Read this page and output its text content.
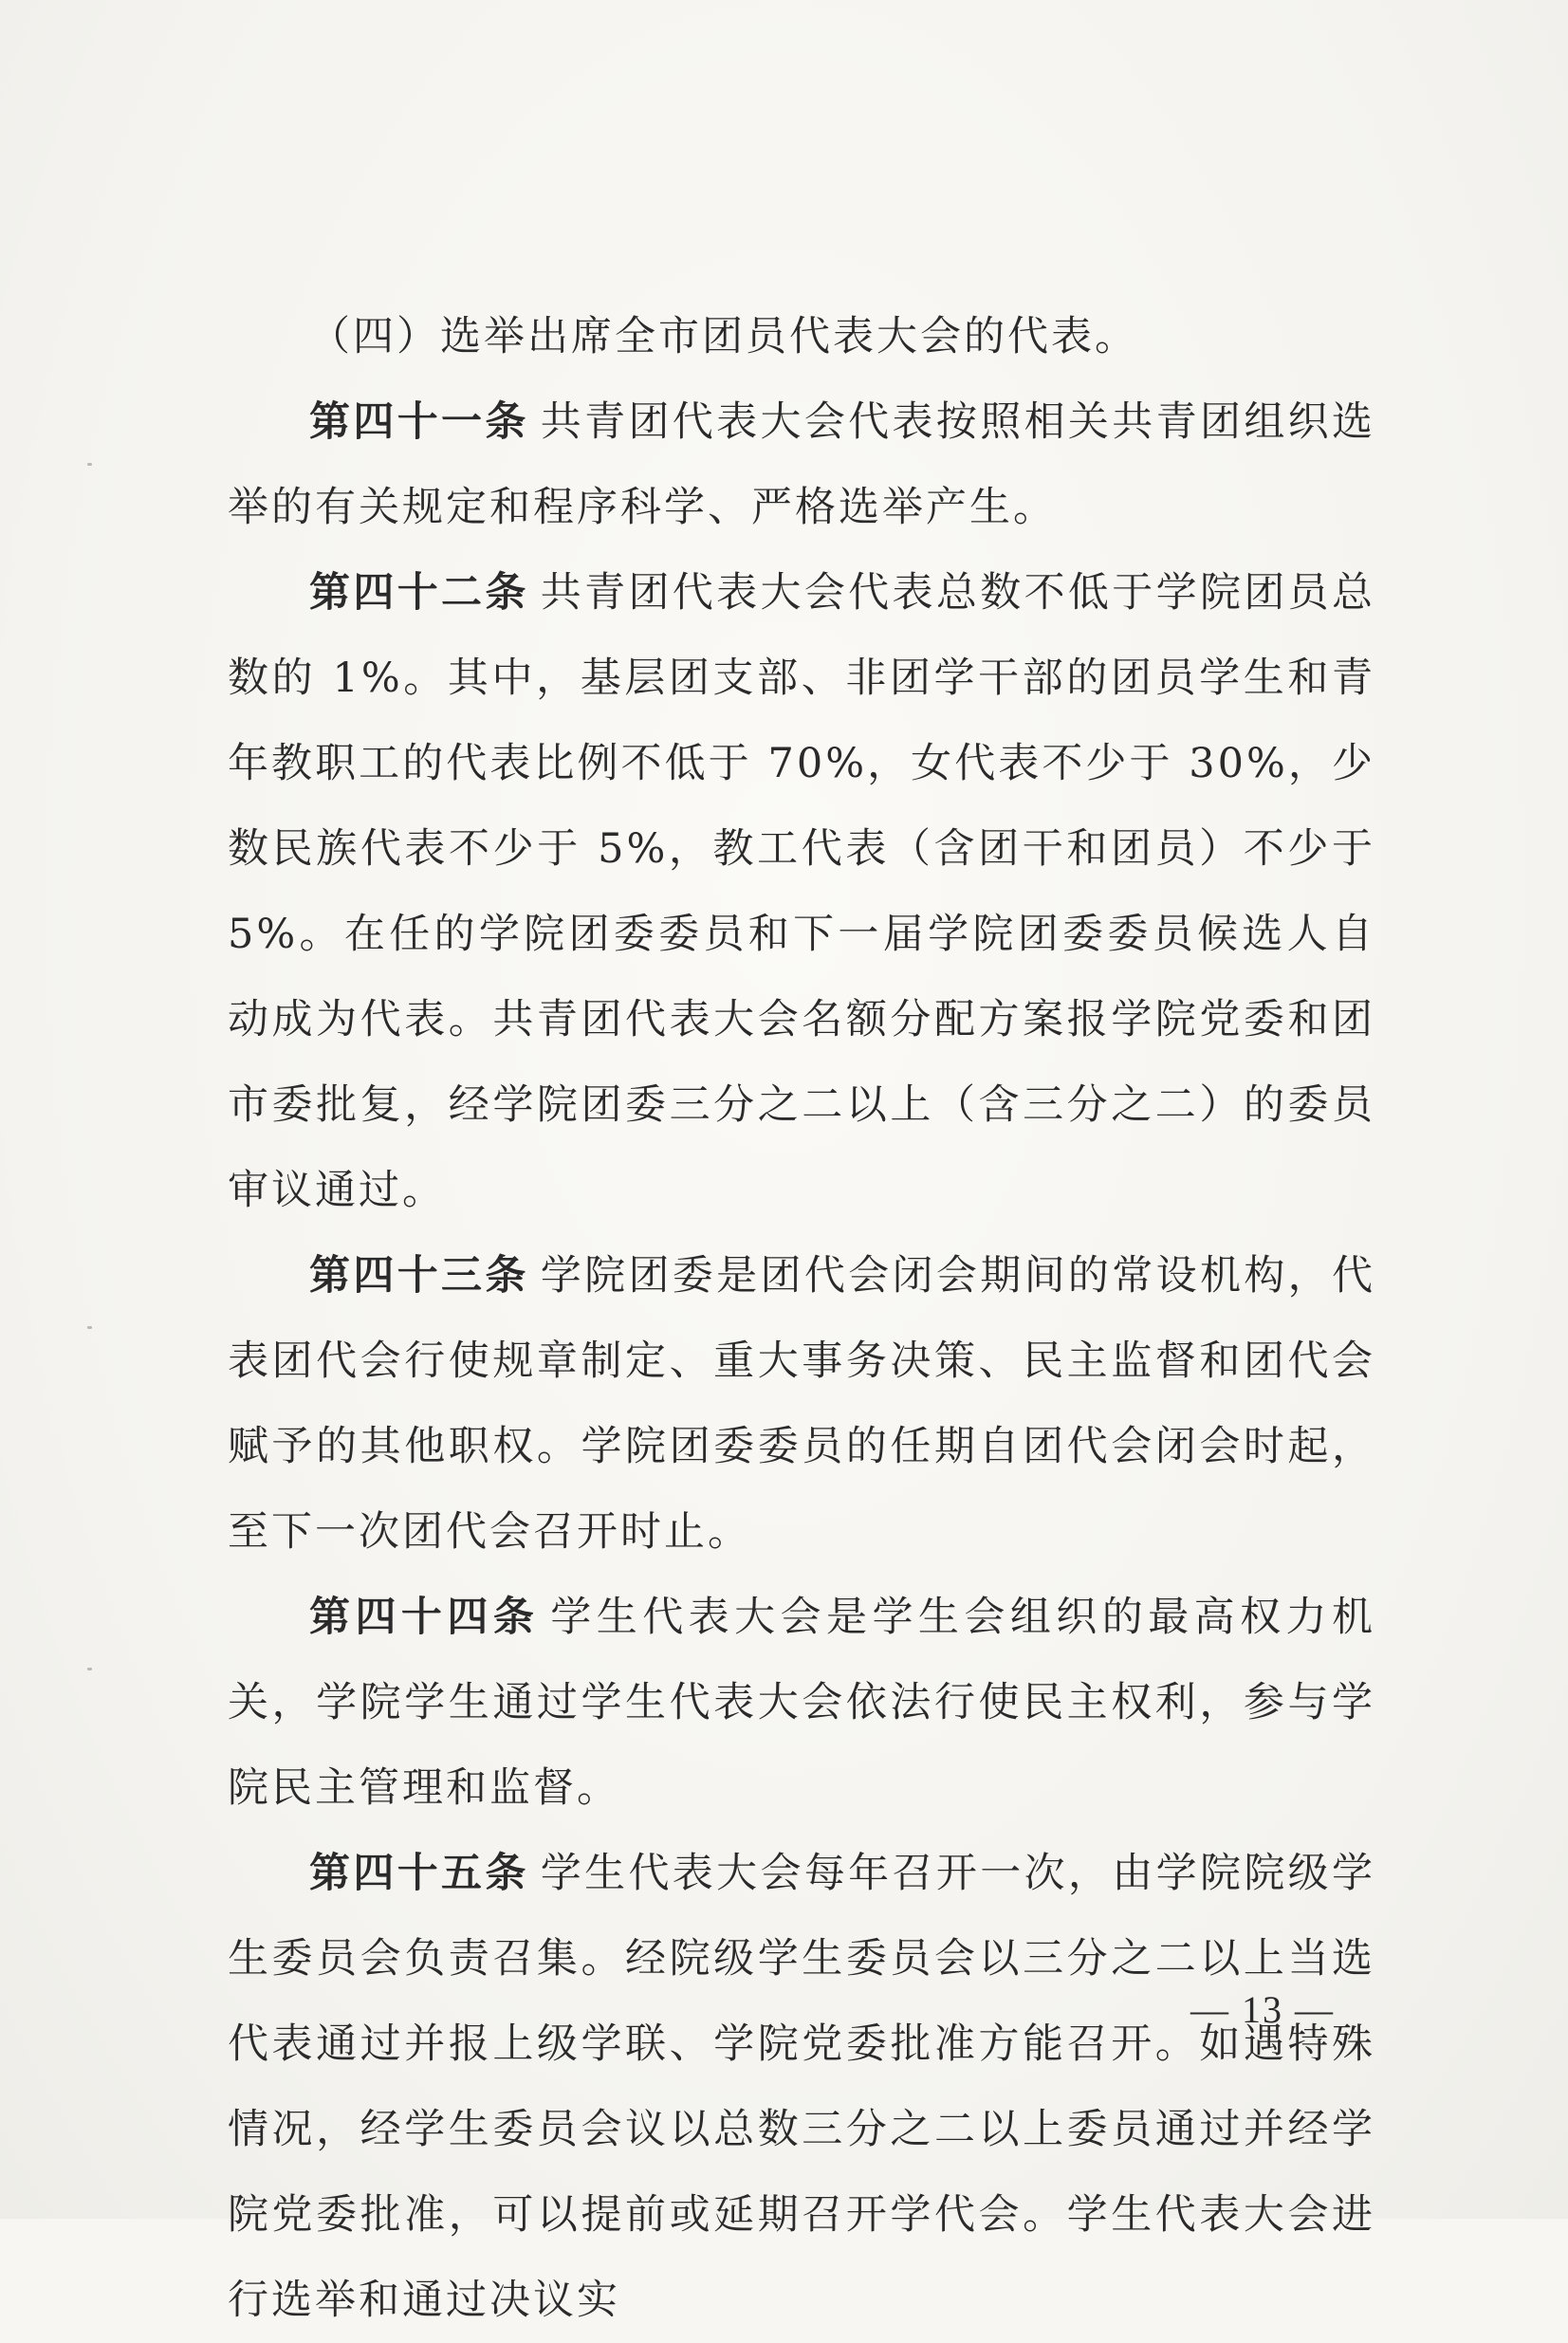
（四）选举出席全市团员代表大会的代表。

第四十一条 共青团代表大会代表按照相关共青团组织选举的有关规定和程序科学、严格选举产生。

第四十二条 共青团代表大会代表总数不低于学院团员总数的 1%。其中，基层团支部、非团学干部的团员学生和青年教职工的代表比例不低于 70%，女代表不少于 30%，少数民族代表不少于 5%，教工代表（含团干和团员）不少于 5%。在任的学院团委委员和下一届学院团委委员候选人自动成为代表。共青团代表大会名额分配方案报学院党委和团市委批复，经学院团委三分之二以上（含三分之二）的委员审议通过。

第四十三条 学院团委是团代会闭会期间的常设机构，代表团代会行使规章制定、重大事务决策、民主监督和团代会赋予的其他职权。学院团委委员的任期自团代会闭会时起，至下一次团代会召开时止。

第四十四条 学生代表大会是学生会组织的最高权力机关，学院学生通过学生代表大会依法行使民主权利，参与学院民主管理和监督。

第四十五条 学生代表大会每年召开一次，由学院院级学生委员会负责召集。经院级学生委员会以三分之二以上当选代表通过并报上级学联、学院党委批准方能召开。如遇特殊情况，经学生委员会议以总数三分之二以上委员通过并经学院党委批准，可以提前或延期召开学代会。学生代表大会进行选举和通过决议实

— 13 —
